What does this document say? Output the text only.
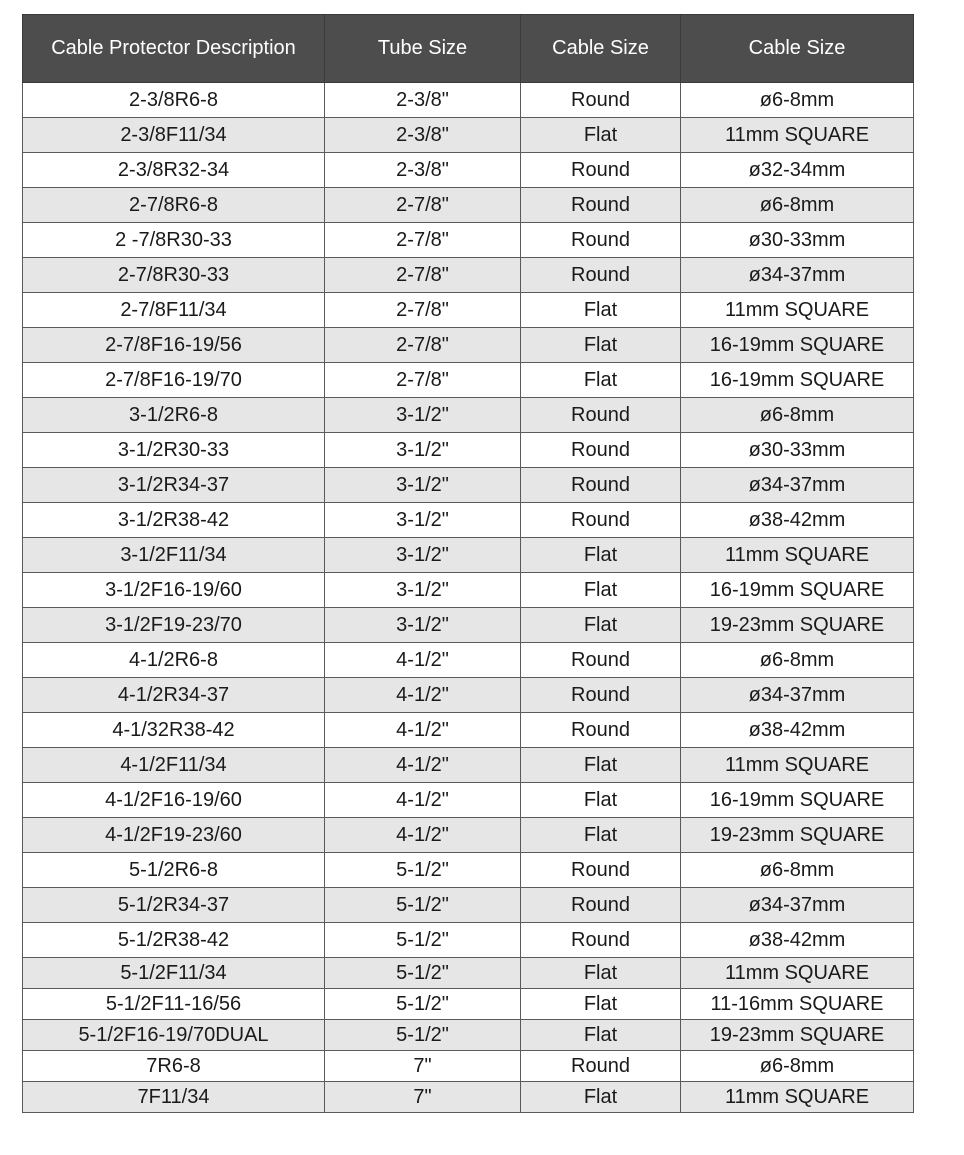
Cable Protector Description	Tube Size	Cable Size	Cable Size
2-3/8R6-8	2-3/8"	Round	ø6-8mm
2-3/8F11/34	2-3/8"	Flat	11mm SQUARE
2-3/8R32-34	2-3/8"	Round	ø32-34mm
2-7/8R6-8	2-7/8"	Round	ø6-8mm
2 -7/8R30-33	2-7/8"	Round	ø30-33mm
2-7/8R30-33	2-7/8"	Round	ø34-37mm
2-7/8F11/34	2-7/8"	Flat	11mm SQUARE
2-7/8F16-19/56	2-7/8"	Flat	16-19mm SQUARE
2-7/8F16-19/70	2-7/8"	Flat	16-19mm SQUARE
3-1/2R6-8	3-1/2"	Round	ø6-8mm
3-1/2R30-33	3-1/2"	Round	ø30-33mm
3-1/2R34-37	3-1/2"	Round	ø34-37mm
3-1/2R38-42	3-1/2"	Round	ø38-42mm
3-1/2F11/34	3-1/2"	Flat	11mm SQUARE
3-1/2F16-19/60	3-1/2"	Flat	16-19mm SQUARE
3-1/2F19-23/70	3-1/2"	Flat	19-23mm SQUARE
4-1/2R6-8	4-1/2"	Round	ø6-8mm
4-1/2R34-37	4-1/2"	Round	ø34-37mm
4-1/32R38-42	4-1/2"	Round	ø38-42mm
4-1/2F11/34	4-1/2"	Flat	11mm SQUARE
4-1/2F16-19/60	4-1/2"	Flat	16-19mm SQUARE
4-1/2F19-23/60	4-1/2"	Flat	19-23mm SQUARE
5-1/2R6-8	5-1/2"	Round	ø6-8mm
5-1/2R34-37	5-1/2"	Round	ø34-37mm
5-1/2R38-42	5-1/2"	Round	ø38-42mm
5-1/2F11/34	5-1/2"	Flat	11mm SQUARE
5-1/2F11-16/56	5-1/2"	Flat	11-16mm SQUARE
5-1/2F16-19/70DUAL	5-1/2"	Flat	19-23mm SQUARE
7R6-8	7"	Round	ø6-8mm
7F11/34	7"	Flat	11mm SQUARE
